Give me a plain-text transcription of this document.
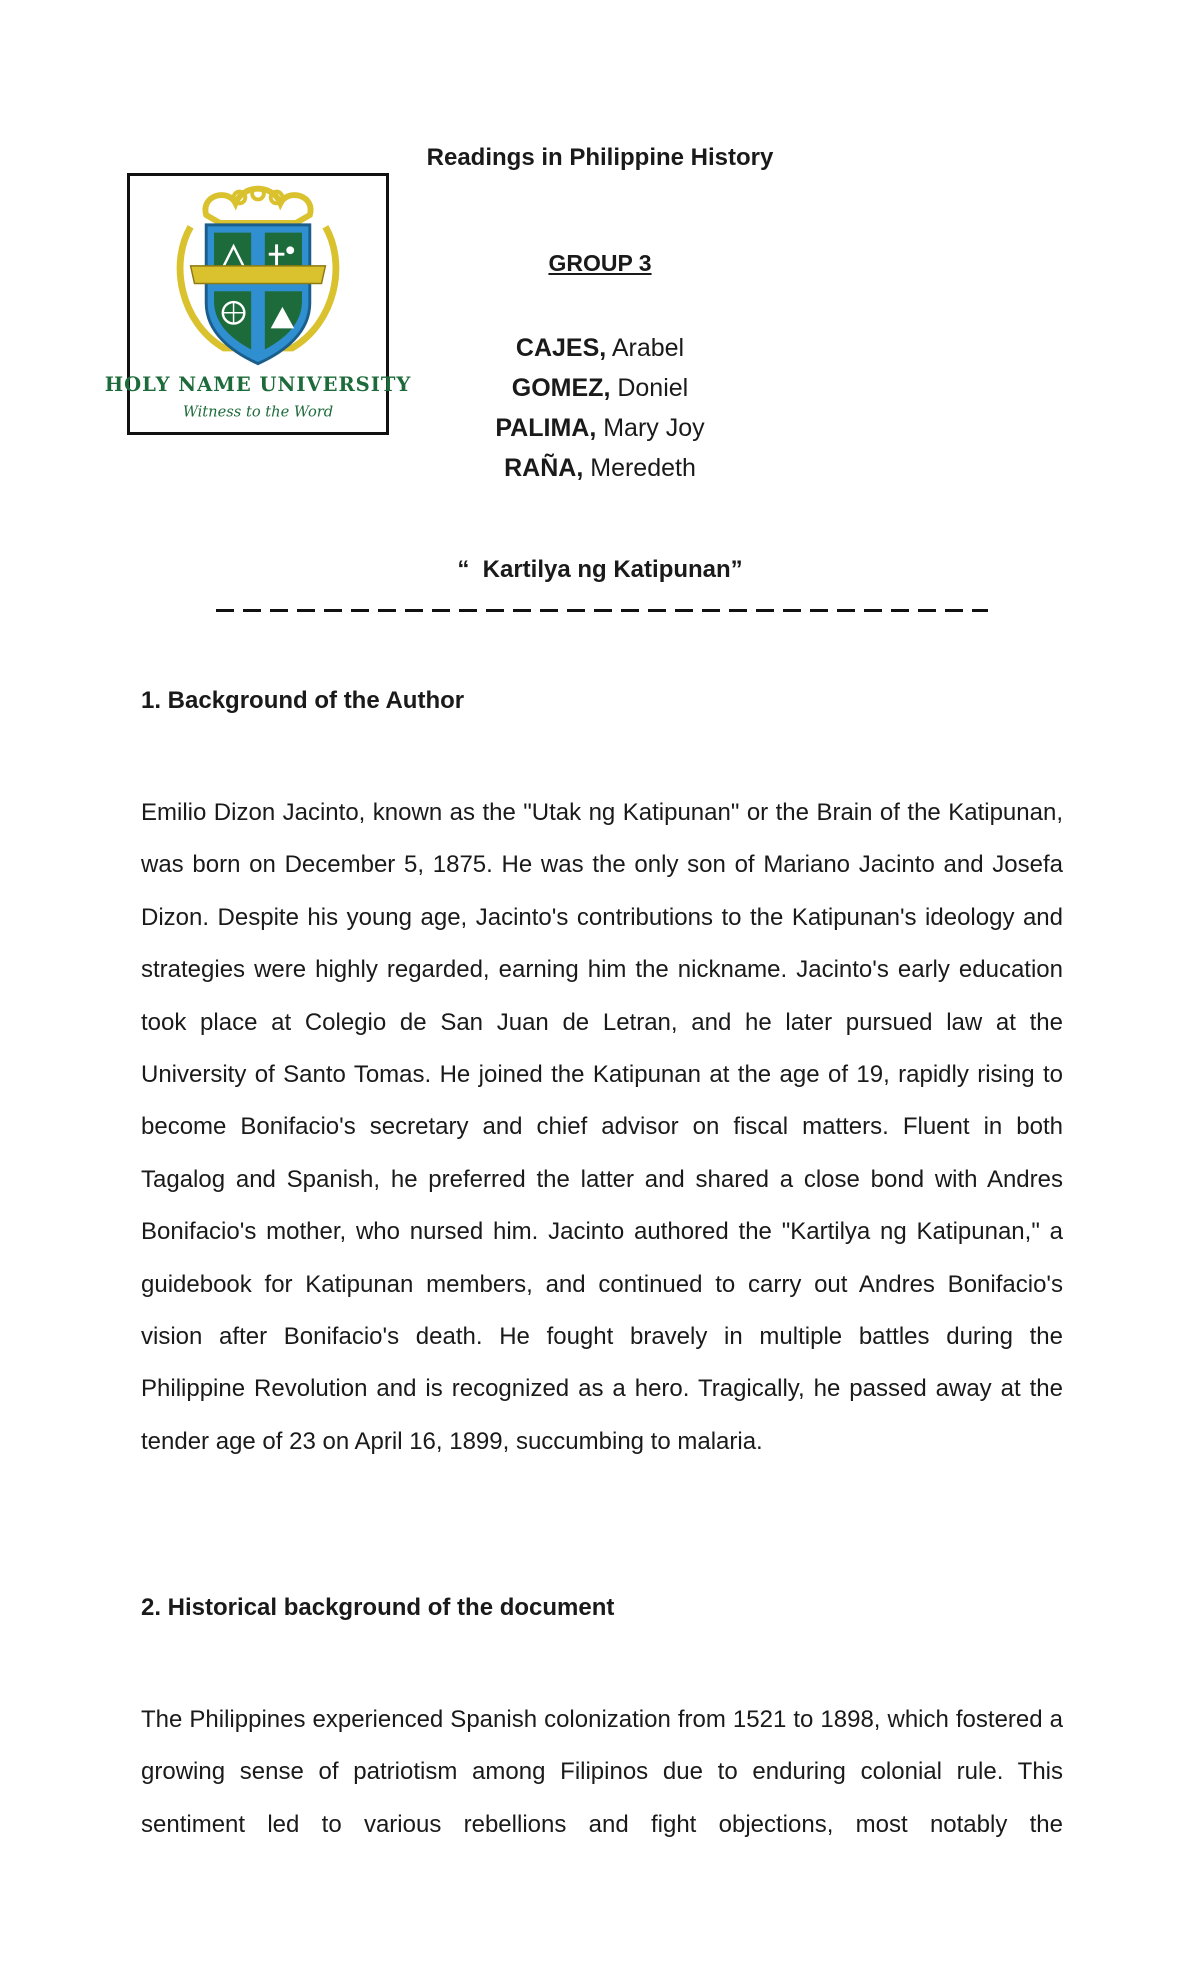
HOLY NAME UNIVERSITY
Witness to the Word
Readings in Philippine History
GROUP 3
CAJES, Arabel
GOMEZ, Doniel
PALIMA, Mary Joy
RAÑA, Meredeth
“  Kartilya ng Katipunan”
1. Background of the Author
Emilio Dizon Jacinto, known as the "Utak ng Katipunan" or the Brain of the Katipunan, was born on December 5, 1875. He was the only son of Mariano Jacinto and Josefa Dizon. Despite his young age, Jacinto's contributions to the Katipunan's ideology and strategies were highly regarded, earning him the nickname. Jacinto's early education took place at Colegio de San Juan de Letran, and he later pursued law at the University of Santo Tomas. He joined the Katipunan at the age of 19, rapidly rising to become Bonifacio's secretary and chief advisor on fiscal matters. Fluent in both Tagalog and Spanish, he preferred the latter and shared a close bond with Andres Bonifacio's mother, who nursed him. Jacinto authored the "Kartilya ng Katipunan," a guidebook for Katipunan members, and continued to carry out Andres Bonifacio's vision after Bonifacio's death. He fought bravely in multiple battles during the Philippine Revolution and is recognized as a hero. Tragically, he passed away at the tender age of 23 on April 16, 1899, succumbing to malaria.
2. Historical background of the document
The Philippines experienced Spanish colonization from 1521 to 1898, which fostered a growing sense of patriotism among Filipinos due to enduring colonial rule. This sentiment led to various rebellions and fight objections, most notably the
